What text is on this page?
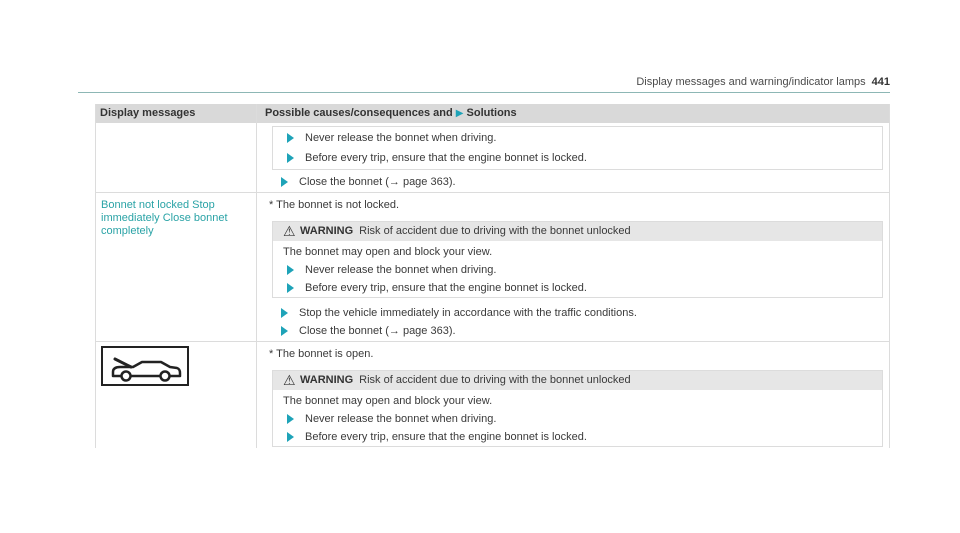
Display messages and warning/indicator lamps 441
Display messages	Possible causes/consequences and ▶ Solutions
Never release the bonnet when driving.
Before every trip, ensure that the engine bonnet is locked.
Close the bonnet (→ page 363).
Bonnet not locked Stop
immediately Close bonnet
completely
* The bonnet is not locked.
⚠ WARNING Risk of accident due to driving with the bonnet unlocked
The bonnet may open and block your view.
Never release the bonnet when driving.
Before every trip, ensure that the engine bonnet is locked.
Stop the vehicle immediately in accordance with the traffic conditions.
Close the bonnet (→ page 363).
* The bonnet is open.
⚠ WARNING Risk of accident due to driving with the bonnet unlocked
The bonnet may open and block your view.
Never release the bonnet when driving.
Before every trip, ensure that the engine bonnet is locked.
